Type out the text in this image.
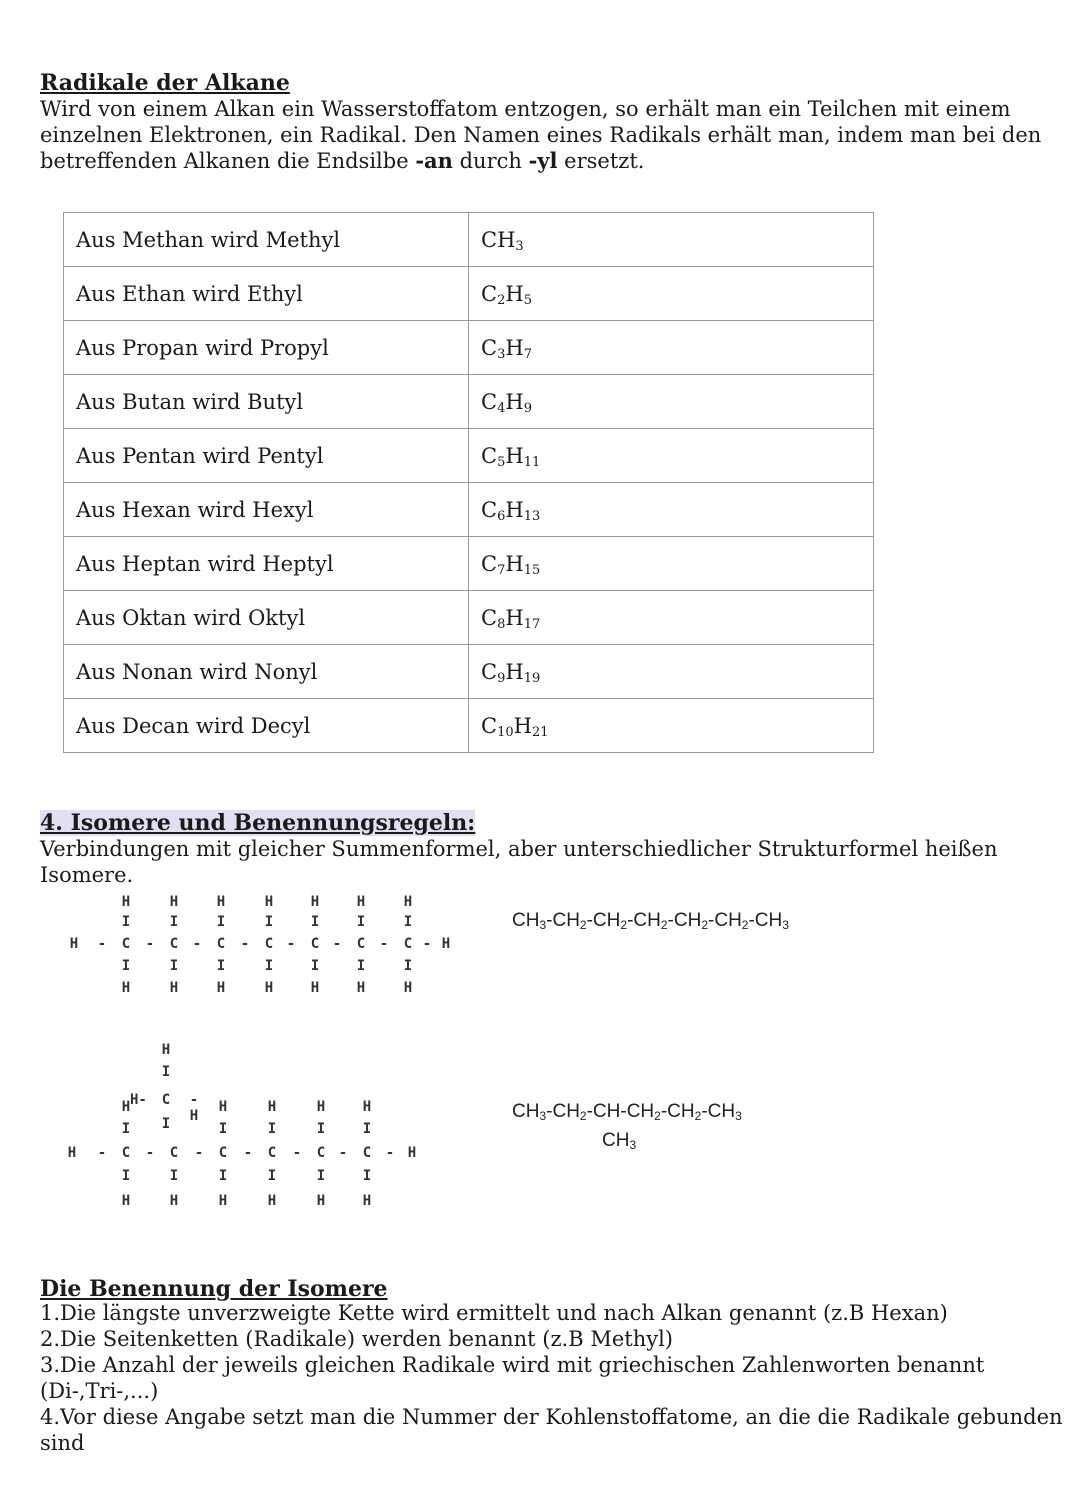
Radikale der Alkane

Wird von einem Alkan ein Wasserstoffatom entzogen, so erhält man ein Teilchen mit einem

einzelnen Elektronen, ein Radikal. Den Namen eines Radikals erhält man, indem man bei den

betreffenden Alkanen die Endsilbe -an durch -yl ersetzt.

Aus Methan wird Methyl	$CH_3$
Aus Ethan wird Ethyl	$C_2H_5$
Aus Propan wird Propyl	$C_3H_7$
Aus Butan wird Butyl	$C_4H_9$
Aus Pentan wird Pentyl	$C_5H_{11}$
Aus Hexan wird Hexyl	$C_6H_{13}$
Aus Heptan wird Heptyl	$C_7H_{15}$
Aus Oktan wird Oktyl	$C_8H_{17}$
Aus Nonan wird Nonyl	$C_9H_{19}$
Aus Decan wird Decyl	$C_{10}H_{21}$
4. Isomere und Benennungsregeln:

Verbindungen mit gleicher Summenformel, aber unterschiedlicher Strukturformel heißen Isomere.

H	H
H
I
C
I
H
-
H
I
C
I
H
-
H
I
C
I
H
-
H
I
C
I
H
-
H
I
C
I
H
-
H
I
C
I
H
-
H
I
C
I
H
- -
$CH_3-CH_2-CH_2-CH_2-CH_2-CH_2-CH_3$
H	H
C
-
I
H
H
I
C
-
I
H
C
-
I
H
H
I
C
-
I
H
H
I
C
-
I
H
H
I
C
-
I
H
H
I
-
H
I
H- C -H
I
$CH_3-CH_2-CH-CH_2-CH_2-CH_3$
$CH_3$
Die Benennung der Isomere

1.Die längste unverzweigte Kette wird ermittelt und nach Alkan genannt (z.B Hexan)

2.Die Seitenketten (Radikale) werden benannt (z.B Methyl)

3.Die Anzahl der jeweils gleichen Radikale wird mit griechischen Zahlenworten benannt (Di-,Tri-,...)

4.Vor diese Angabe setzt man die Nummer der Kohlenstoffatome, an die die Radikale gebunden sind
